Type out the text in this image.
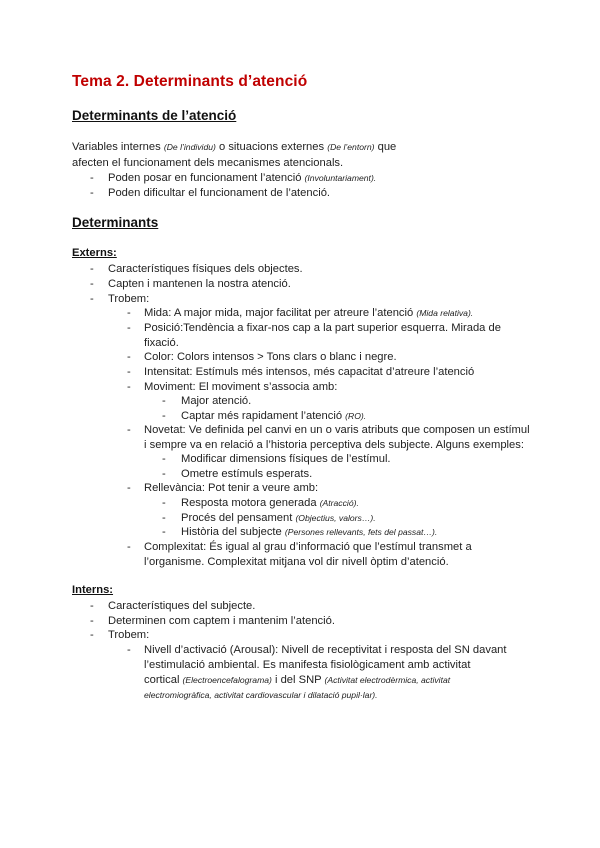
Tema 2. Determinants d’atenció
Determinants de l’atenció
Variables internes (De l’individu) o situacions externes (De l’entorn) que
afecten el funcionament dels mecanismes atencionals.
- Poden posar en funcionament l’atenció (Involuntariament).
- Poden dificultar el funcionament de l’atenció.
Determinants
Externs:
- Característiques físiques dels objectes.
- Capten i mantenen la nostra atenció.
- Trobem:
- Mida: A major mida, major facilitat per atreure l’atenció (Mida relativa).
- Posició:Tendència a fixar-nos cap a la part superior esquerra. Mirada de
fixació.
- Color: Colors intensos > Tons clars o blanc i negre.
- Intensitat: Estímuls més intensos, més capacitat d’atreure l’atenció
- Moviment: El moviment s’associa amb:
- Major atenció.
- Captar més rapidament l’atenció (RO).
- Novetat: Ve definida pel canvi en un o varis atributs que composen un estímul
i sempre va en relació a l’historia perceptiva dels subjecte. Alguns exemples:
- Modificar dimensions físiques de l’estímul.
- Ometre estímuls esperats.
- Rellevància: Pot tenir a veure amb:
- Resposta motora generada (Atracció).
- Procés del pensament (Objectius, valors…).
- Història del subjecte (Persones rellevants, fets del passat…).
- Complexitat: És igual al grau d’informació que l’estímul transmet a
l’organisme. Complexitat mitjana vol dir nivell òptim d’atenció.
Interns:
- Característiques del subjecte.
- Determinen com captem i mantenim l’atenció.
- Trobem:
- Nivell d’activació (Arousal): Nivell de receptivitat i resposta del SN davant
l’estimulació ambiental. Es manifesta fisiològicament amb activitat
cortical (Electroencefalograma) i del SNP (Activitat electrodèrmica, activitat
electromiogràfica, activitat cardiovascular i dilatació pupil·lar).
